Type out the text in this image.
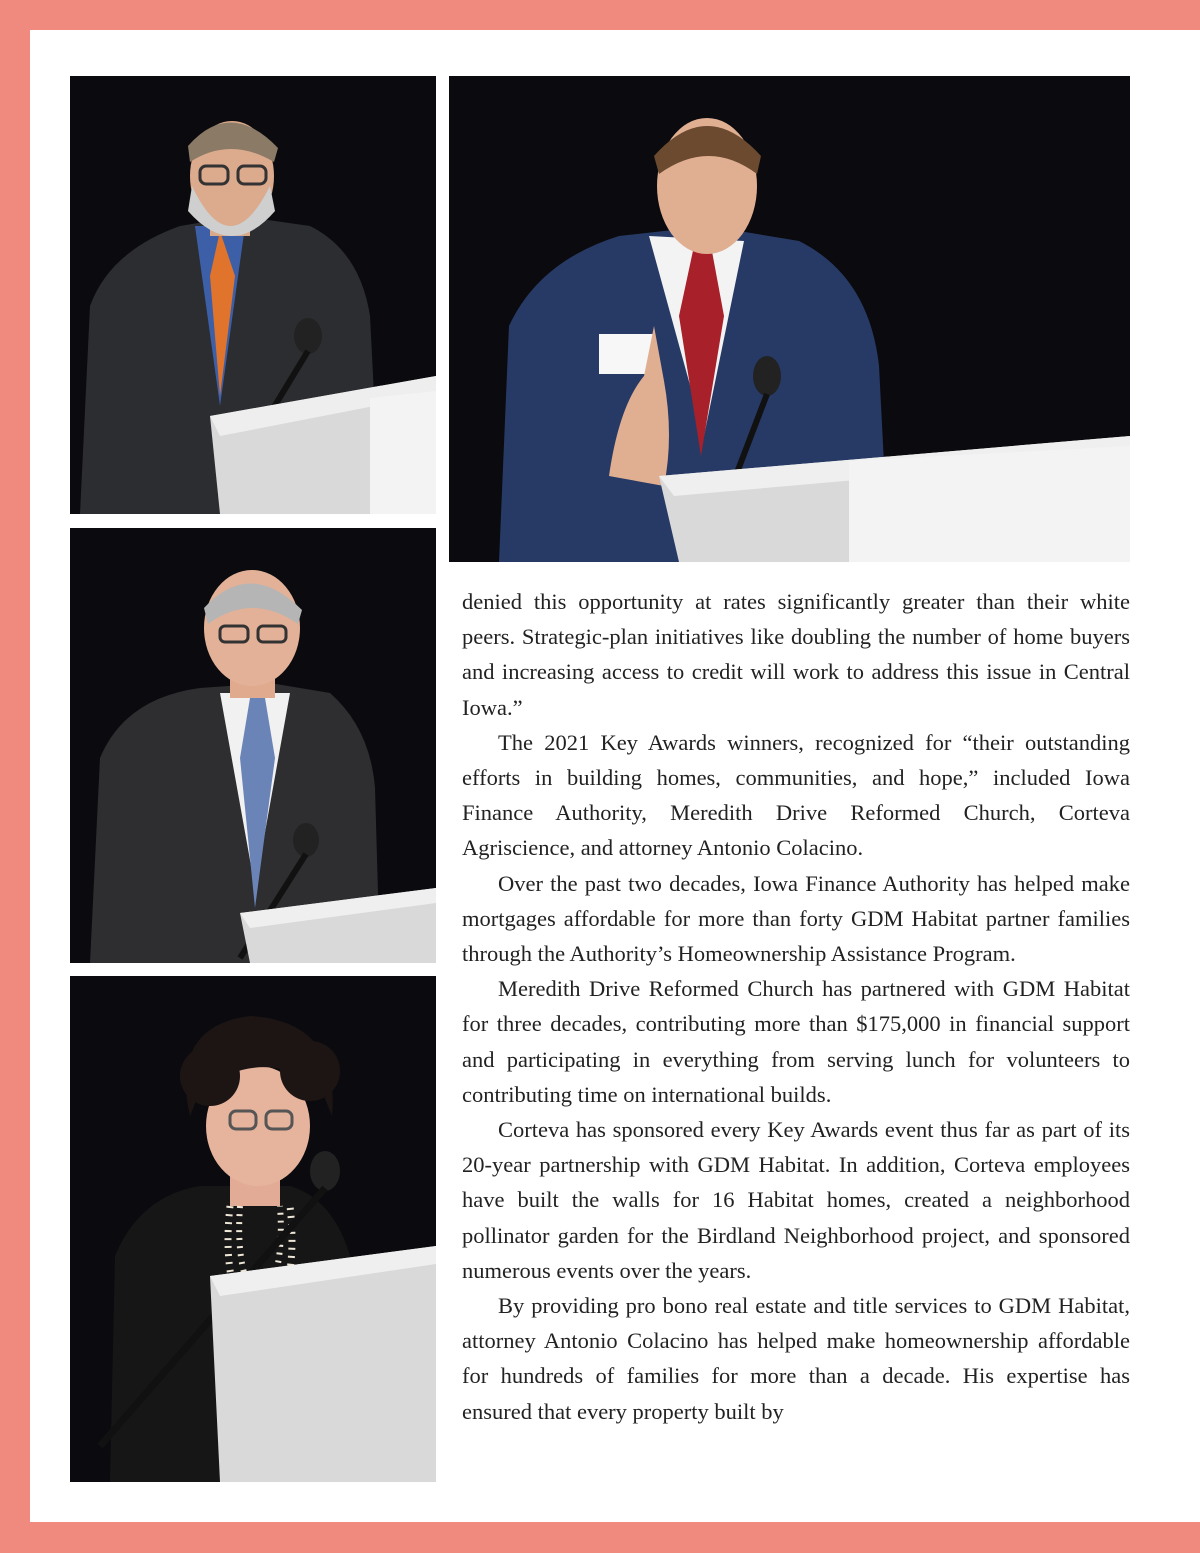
denied this opportunity at rates significantly greater than their white peers. Strategic-plan initiatives like doubling the number of home buyers and increasing access to credit will work to address this issue in Central Iowa.”

The 2021 Key Awards winners, recognized for “their outstanding efforts in building homes, communities, and hope,” included Iowa Finance Authority, Meredith Drive Reformed Church, Corteva Agriscience, and attorney Antonio Colacino.

Over the past two decades, Iowa Finance Authority has helped make mortgages affordable for more than forty GDM Habitat partner families through the Authority’s Homeownership Assistance Program.

Meredith Drive Reformed Church has partnered with GDM Habitat for three decades, contributing more than $175,000 in financial support and participating in everything from serving lunch for volunteers to contributing time on international builds.

Corteva has sponsored every Key Awards event thus far as part of its 20-year partnership with GDM Habitat. In addition, Corteva employees have built the walls for 16 Habitat homes, created a neighborhood pollinator garden for the Birdland Neighborhood project, and sponsored numerous events over the years.

By providing pro bono real estate and title services to GDM Habitat, attorney Antonio Colacino has helped make homeownership affordable for hundreds of families for more than a decade. His expertise has ensured that every property built by
